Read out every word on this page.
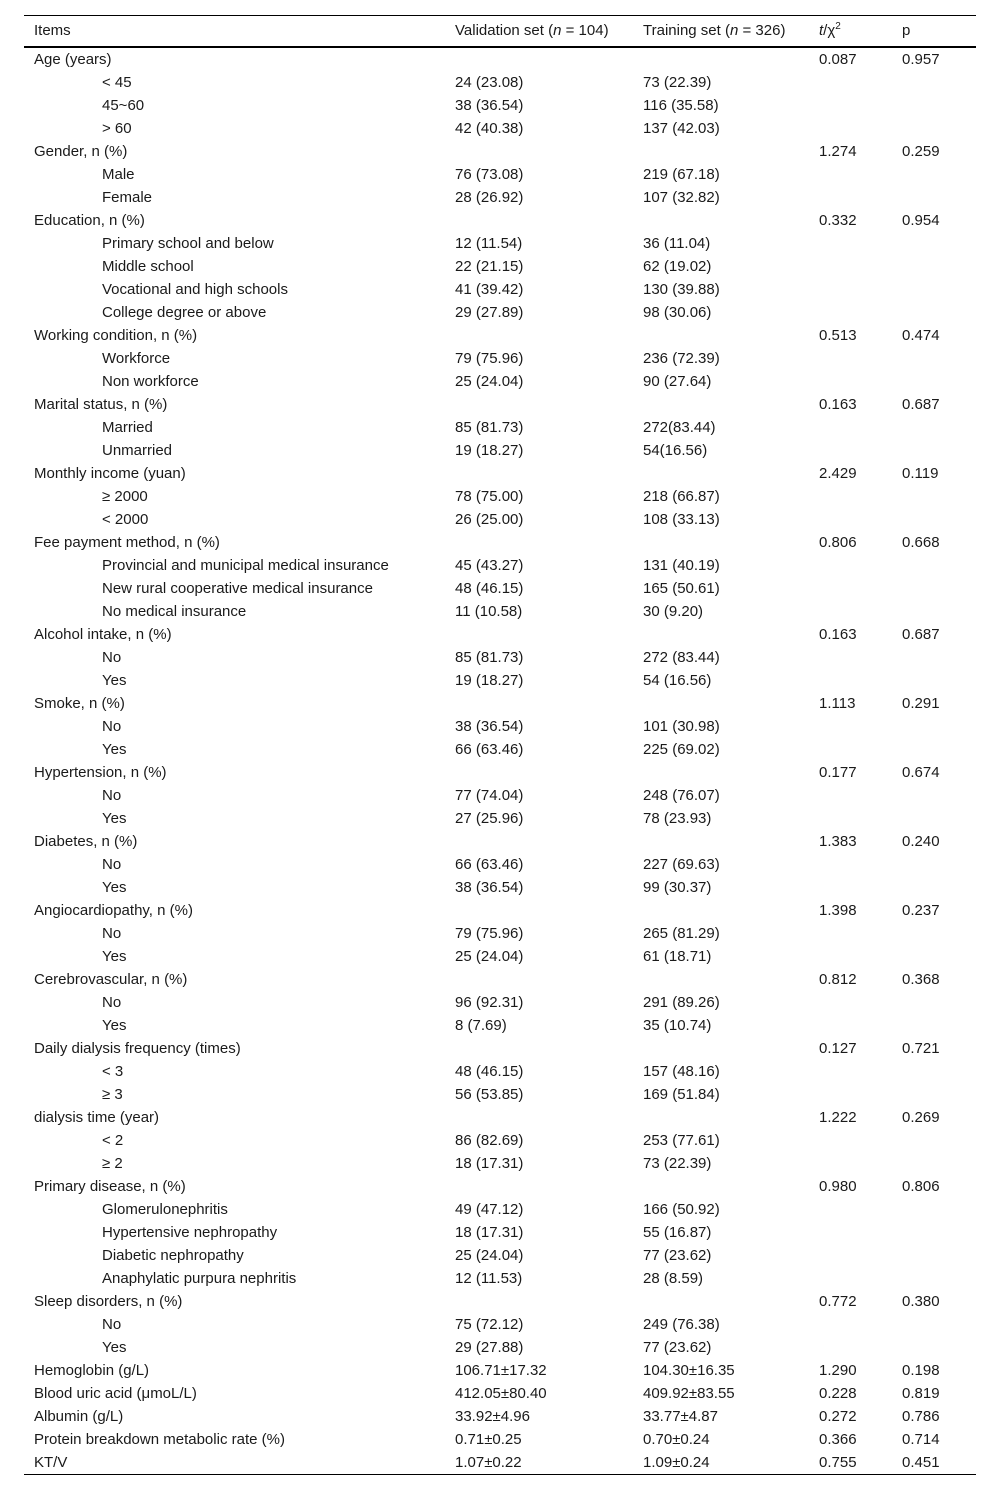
Items	Validation set (n = 104)	Training set (n = 326)	$t/\chi^2$	p
Age (years)			0.087	0.957
< 45	24 (23.08)	73 (22.39)		
45~60	38 (36.54)	116 (35.58)		
> 60	42 (40.38)	137 (42.03)		
Gender, n (%)			1.274	0.259
Male	76 (73.08)	219 (67.18)		
Female	28 (26.92)	107 (32.82)		
Education, n (%)			0.332	0.954
Primary school and below	12 (11.54)	36 (11.04)		
Middle school	22 (21.15)	62 (19.02)		
Vocational and high schools	41 (39.42)	130 (39.88)		
College degree or above	29 (27.89)	98 (30.06)		
Working condition, n (%)			0.513	0.474
Workforce	79 (75.96)	236 (72.39)		
Non workforce	25 (24.04)	90 (27.64)		
Marital status, n (%)			0.163	0.687
Married	85 (81.73)	272(83.44)		
Unmarried	19 (18.27)	54(16.56)		
Monthly income (yuan)			2.429	0.119
≥ 2000	78 (75.00)	218 (66.87)		
< 2000	26 (25.00)	108 (33.13)		
Fee payment method, n (%)			0.806	0.668
Provincial and municipal medical insurance	45 (43.27)	131 (40.19)		
New rural cooperative medical insurance	48 (46.15)	165 (50.61)		
No medical insurance	11 (10.58)	30 (9.20)		
Alcohol intake, n (%)			0.163	0.687
No	85 (81.73)	272 (83.44)		
Yes	19 (18.27)	54 (16.56)		
Smoke, n (%)			1.113	0.291
No	38 (36.54)	101 (30.98)		
Yes	66 (63.46)	225 (69.02)		
Hypertension, n (%)			0.177	0.674
No	77 (74.04)	248 (76.07)		
Yes	27 (25.96)	78 (23.93)		
Diabetes, n (%)			1.383	0.240
No	66 (63.46)	227 (69.63)		
Yes	38 (36.54)	99 (30.37)		
Angiocardiopathy, n (%)			1.398	0.237
No	79 (75.96)	265 (81.29)		
Yes	25 (24.04)	61 (18.71)		
Cerebrovascular, n (%)			0.812	0.368
No	96 (92.31)	291 (89.26)		
Yes	8 (7.69)	35 (10.74)		
Daily dialysis frequency (times)			0.127	0.721
< 3	48 (46.15)	157 (48.16)		
≥ 3	56 (53.85)	169 (51.84)		
dialysis time (year)			1.222	0.269
< 2	86 (82.69)	253 (77.61)		
≥ 2	18 (17.31)	73 (22.39)		
Primary disease, n (%)			0.980	0.806
Glomerulonephritis	49 (47.12)	166 (50.92)		
Hypertensive nephropathy	18 (17.31)	55 (16.87)		
Diabetic nephropathy	25 (24.04)	77 (23.62)		
Anaphylatic purpura nephritis	12 (11.53)	28 (8.59)		
Sleep disorders, n (%)			0.772	0.380
No	75 (72.12)	249 (76.38)		
Yes	29 (27.88)	77 (23.62)		
Hemoglobin (g/L)	106.71±17.32	104.30±16.35	1.290	0.198
Blood uric acid (μmoL/L)	412.05±80.40	409.92±83.55	0.228	0.819
Albumin (g/L)	33.92±4.96	33.77±4.87	0.272	0.786
Protein breakdown metabolic rate (%)	0.71±0.25	0.70±0.24	0.366	0.714
KT/V	1.07±0.22	1.09±0.24	0.755	0.451
